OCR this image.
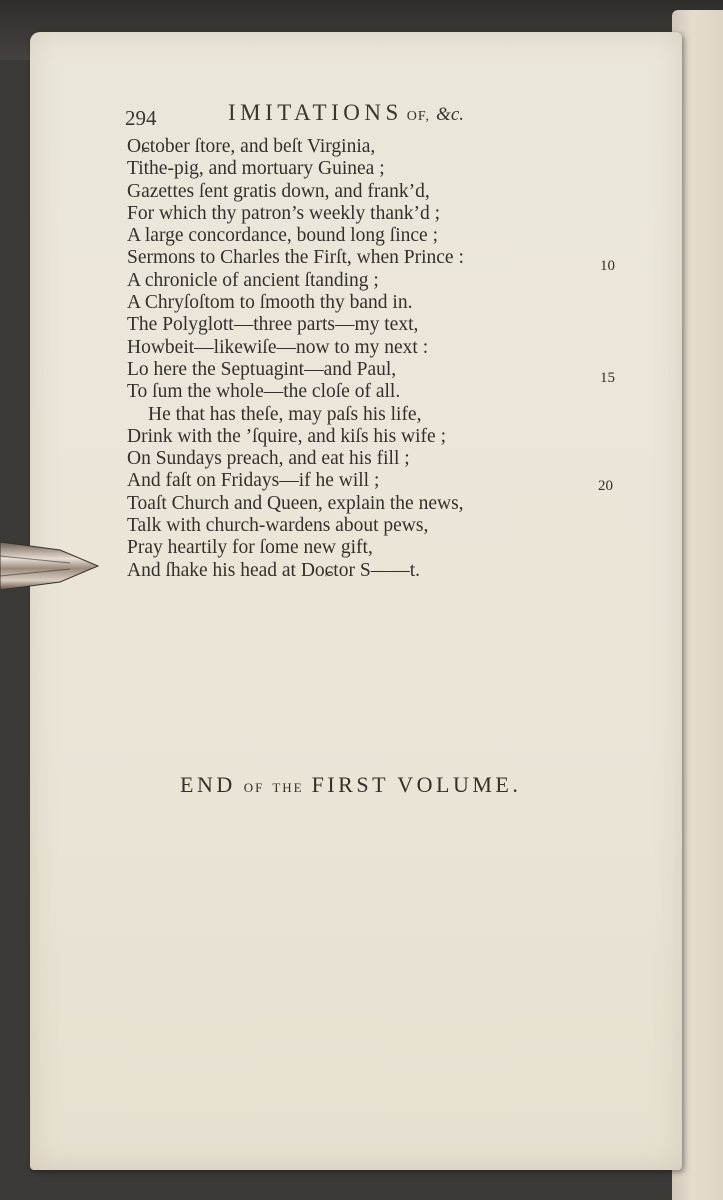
294	IMITATIONS OF, &c.
Oɕtober ſtore, and beſt Virginia,
Tithe-pig, and mortuary Guinea ;
Gazettes ſent gratis down, and frank’d,
For which thy patron’s weekly thank’d ;
A large concordance, bound long ſince ;
Sermons to Charles the Firſt, when Prince :
A chronicle of ancient ſtanding ;
A Chryſoſtom to ſmooth thy band in.
The Polyglott—three parts—my text,
Howbeit—likewiſe—now to my next :
Lo here the Septuagint—and Paul,
To ſum the whole—the cloſe of all.
He that has theſe, may paſs his life,
Drink with the ’ſquire, and kiſs his wife ;
On Sundays preach, and eat his fill ;
And faſt on Fridays—if he will ;
Toaſt Church and Queen, explain the news,
Talk with church-wardens about pews,
Pray heartily for ſome new gift,
And ſhake his head at Doɕtor S——t.
10
15
20
END OF THE FIRST VOLUME.
